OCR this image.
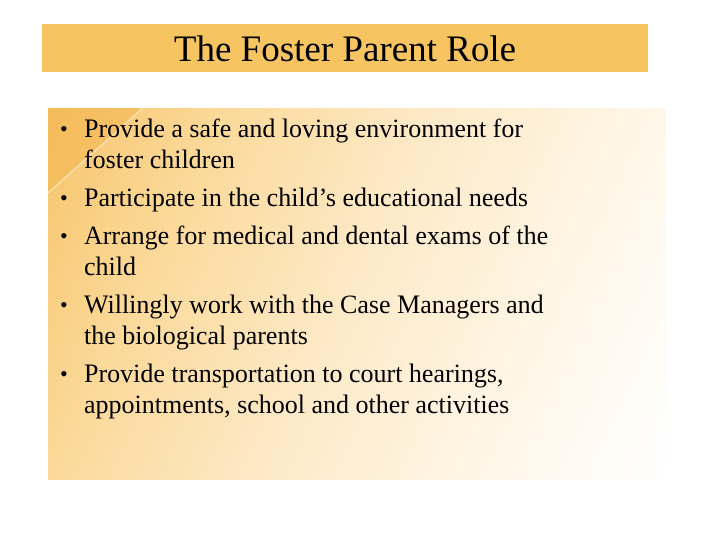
The Foster Parent Role
• Provide a safe and loving environment for
foster children
• Participate in the child’s educational needs
• Arrange for medical and dental exams of the
child
• Willingly work with the Case Managers and
the biological parents
• Provide transportation to court hearings,
appointments, school and other activities
